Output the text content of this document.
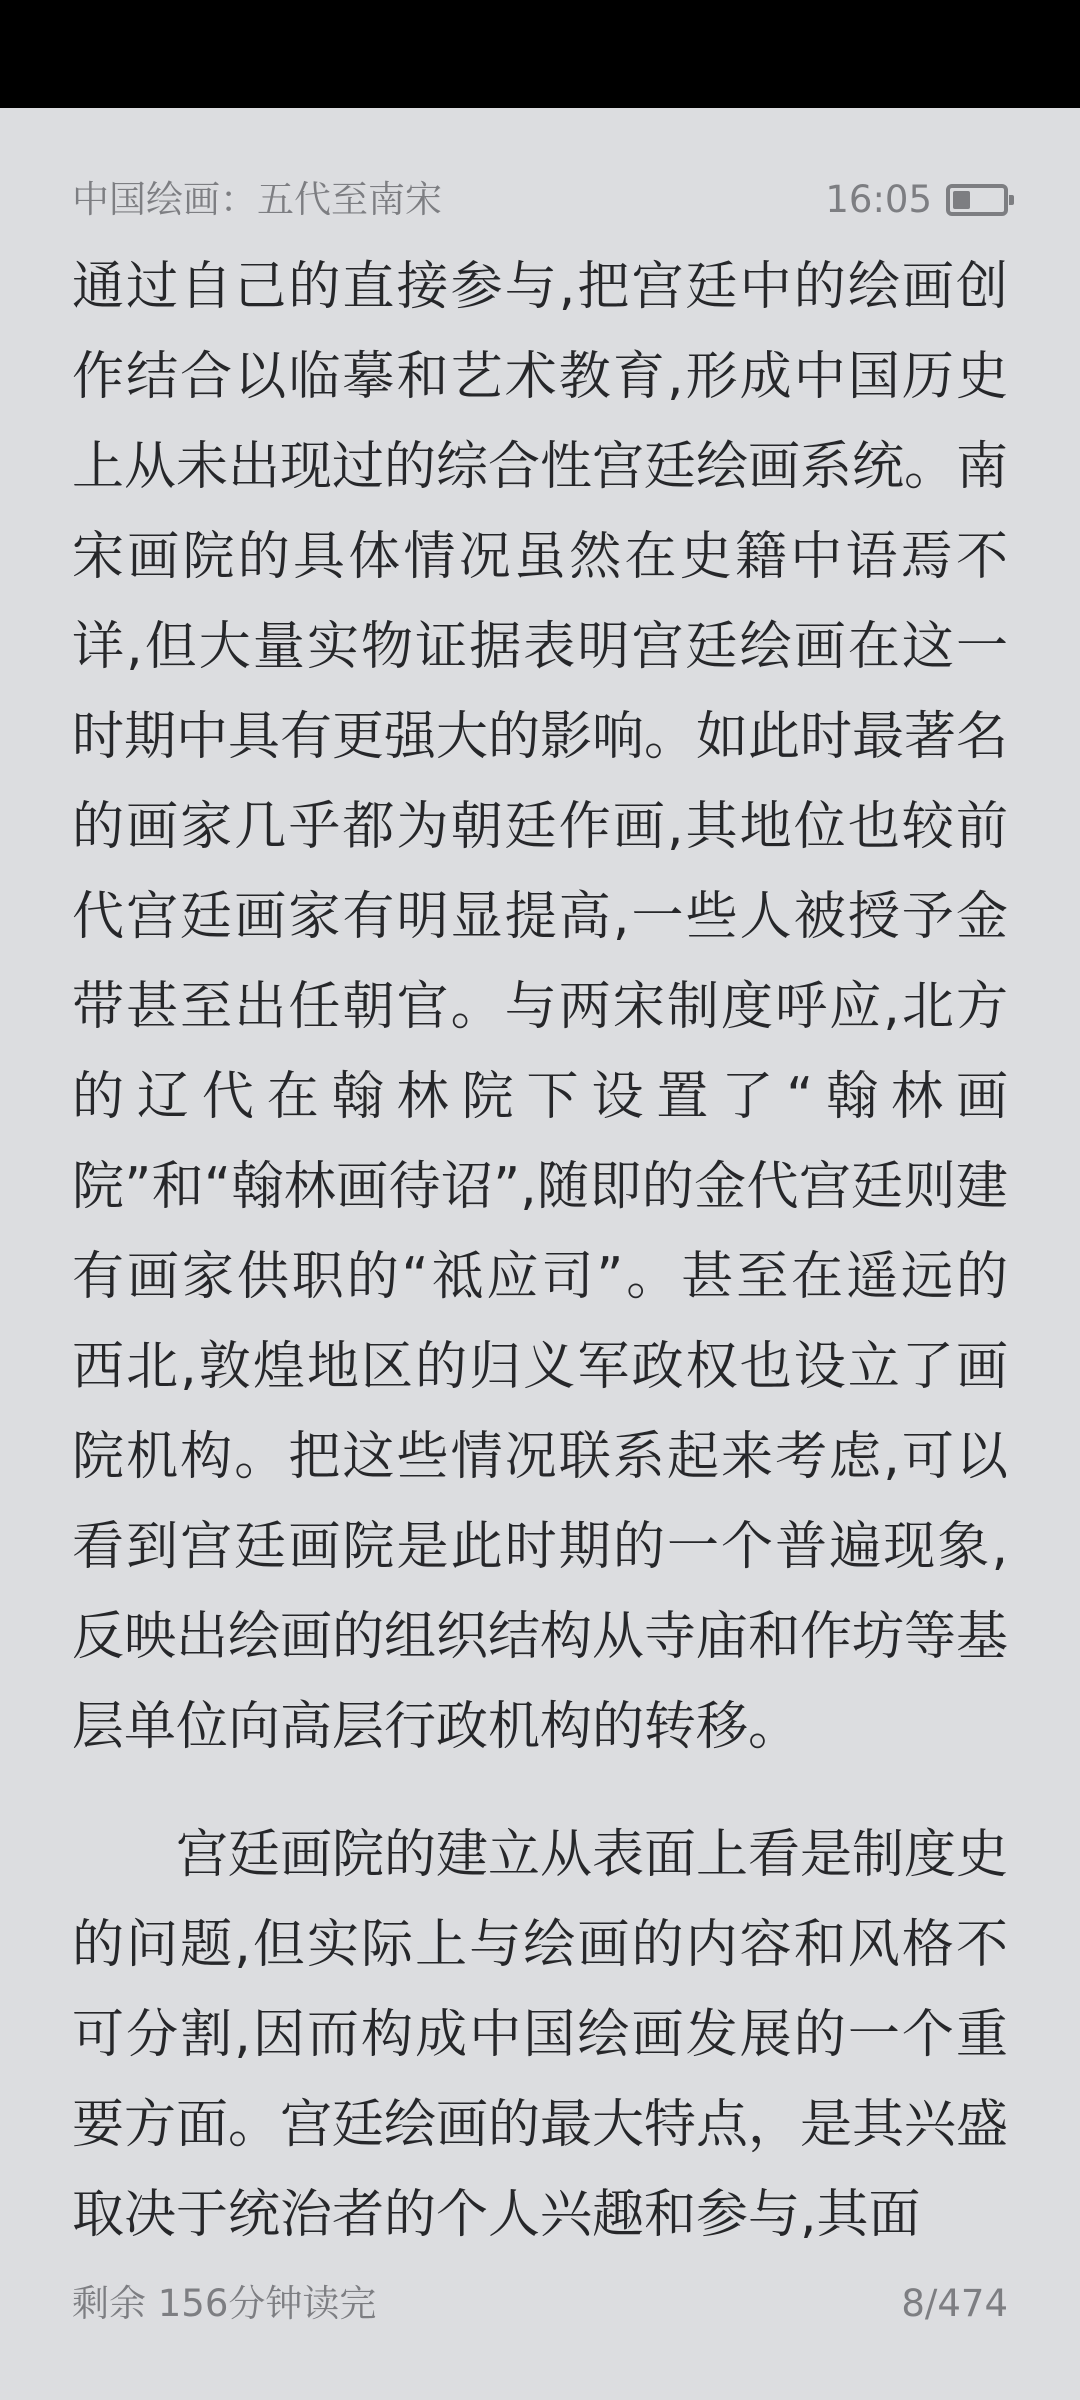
中国绘画：五代至南宋	16:05

通过自己的直接参与,把宫廷中的绘画创作结合以临摹和艺术教育,形成中国历史上从未出现过的综合性宫廷绘画系统。南宋画院的具体情况虽然在史籍中语焉不详,但大量实物证据表明宫廷绘画在这一时期中具有更强大的影响。如此时最著名的画家几乎都为朝廷作画,其地位也较前代宫廷画家有明显提高,一些人被授予金带甚至出任朝官。与两宋制度呼应,北方的辽代在翰林院下设置了“翰林画院”和“翰林画待诏”,随即的金代宫廷则建有画家供职的“祗应司”。甚至在遥远的西北,敦煌地区的归义军政权也设立了画院机构。把这些情况联系起来考虑,可以看到宫廷画院是此时期的一个普遍现象,反映出绘画的组织结构从寺庙和作坊等基层单位向高层行政机构的转移。

宫廷画院的建立从表面上看是制度史的问题,但实际上与绘画的内容和风格不可分割,因而构成中国绘画发展的一个重要方面。宫廷绘画的最大特点，是其兴盛取决于统治者的个人兴趣和参与,其面

剩余 156分钟读完	8/474
